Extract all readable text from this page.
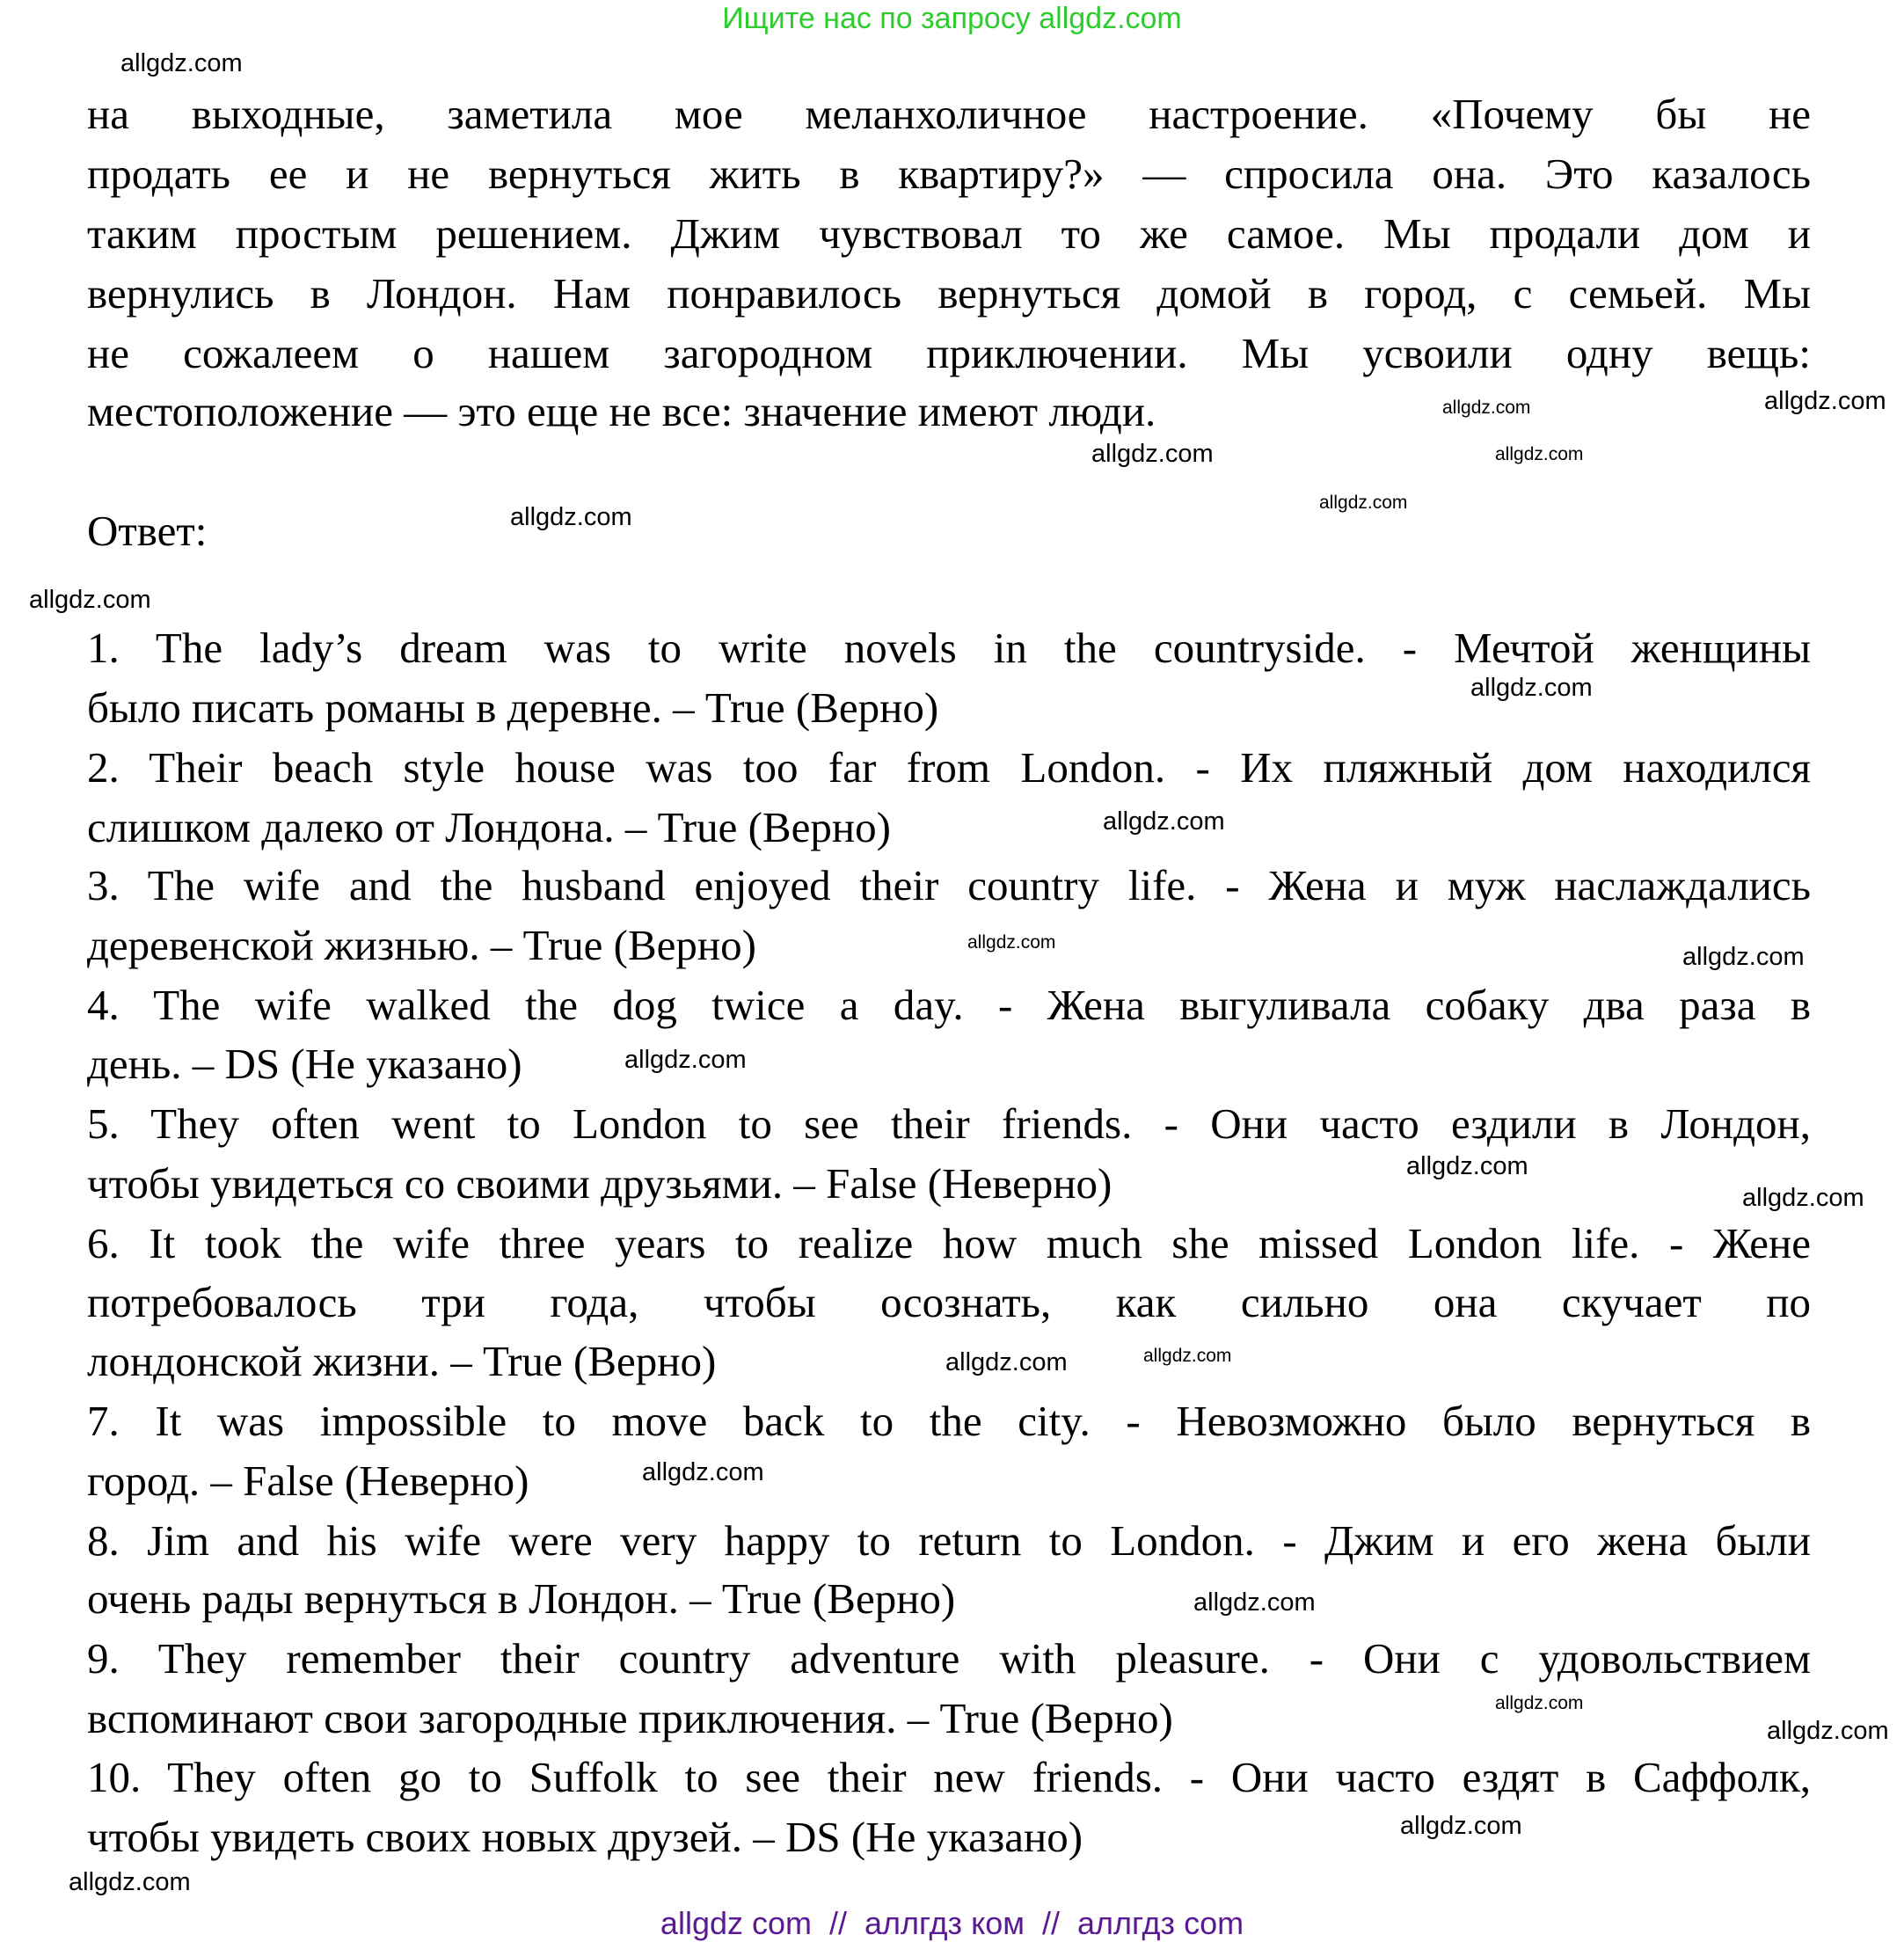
Ищите нас по запросу allgdz.com
на выходные, заметила мое меланхоличное настроение. «Почему бы не
продать ее и не вернуться жить в квартиру?» — спросила она. Это казалось
таким простым решением. Джим чувствовал то же самое. Мы продали дом и
вернулись в Лондон. Нам понравилось вернуться домой в город, с семьей. Мы
не сожалеем о нашем загородном приключении. Мы усвоили одну вещь:
местоположение — это еще не все: значение имеют люди.
Ответ:
1. The lady’s dream was to write novels in the countryside. - Мечтой женщины
было писать романы в деревне. – True (Верно)
2. Their beach style house was too far from London. - Их пляжный дом находился
слишком далеко от Лондона. – True (Верно)
3. The wife and the husband enjoyed their country life. - Жена и муж наслаждались
деревенской жизнью. – True (Верно)
4. The wife walked the dog twice a day. - Жена выгуливала собаку два раза в
день. – DS (Не указано)
5. They often went to London to see their friends. - Они часто ездили в Лондон,
чтобы увидеться со своими друзьями. – False (Неверно)
6. It took the wife three years to realize how much she missed London life. - Жене
потребовалось три года, чтобы осознать, как сильно она скучает по
лондонской жизни. – True (Верно)
7. It was impossible to move back to the city. - Невозможно было вернуться в
город. – False (Неверно)
8. Jim and his wife were very happy to return to London. - Джим и его жена были
очень рады вернуться в Лондон. – True (Верно)
9. They remember their country adventure with pleasure. - Они с удовольствием
вспоминают свои загородные приключения. – True (Верно)
10. They often go to Suffolk to see their new friends. - Они часто ездят в Саффолк,
чтобы увидеть своих новых друзей. – DS (Не указано)
allgdz.com
allgdz.com
allgdz.com
allgdz.com
allgdz.com
allgdz.com
allgdz.com
allgdz.com
allgdz.com
allgdz.com
allgdz.com
allgdz.com
allgdz.com
allgdz.com
allgdz.com
allgdz.com
allgdz.com
allgdz.com
allgdz.com
allgdz.com
allgdz.com
allgdz.com
allgdz.com
allgdz com  //  аллгдз ком  //  аллгдз com
